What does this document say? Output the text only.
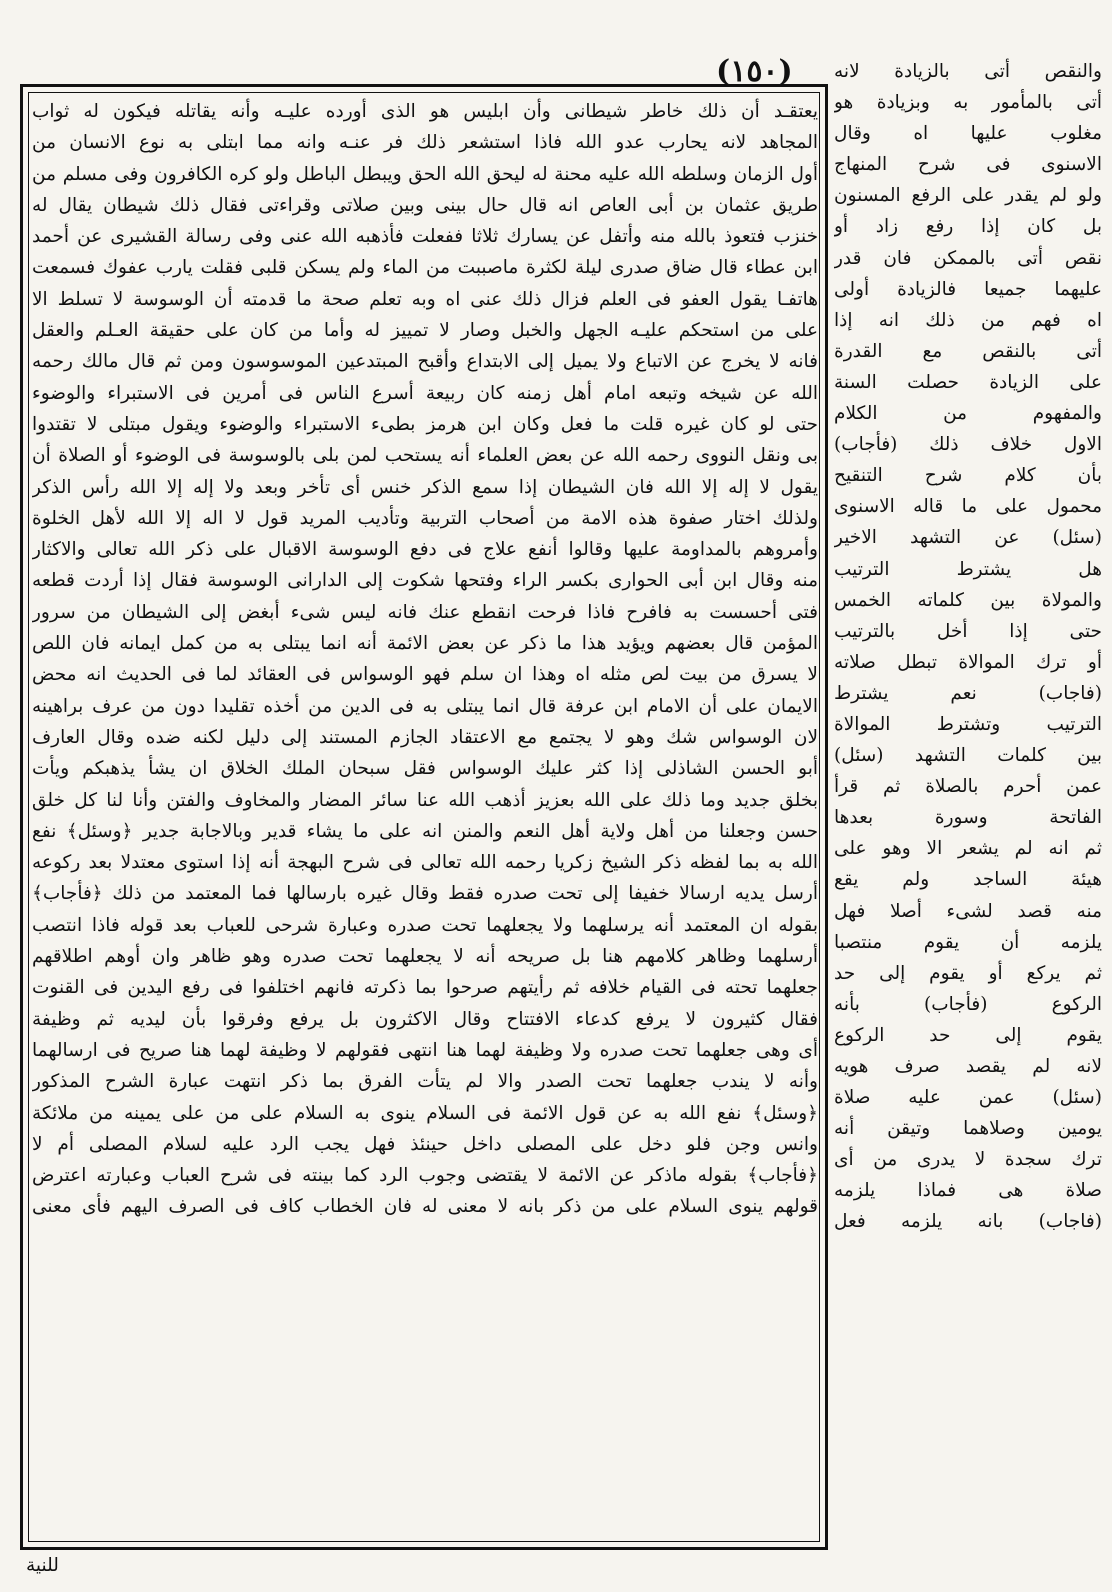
(١٥٠)
يعتقـد أن ذلك خاطر شيطانى وأن ابليس هو الذى أورده عليـه وأنه يقاتله فيكون له ثواب
المجاهد لانه يحارب عدو الله فاذا استشعر ذلك فر عنـه وانه مما ابتلى به نوع الانسان من
أول الزمان وسلطه الله عليه محنة له ليحق الله الحق ويبطل الباطل ولو كره الكافرون وفى مسلم من
طريق عثمان بن أبى العاص انه قال حال بينى وبين صلاتى وقراءتى فقال ذلك شيطان يقال له
خنزب فتعوذ بالله منه وأتفل عن يسارك ثلاثا ففعلت فأذهبه الله عنى وفى رسالة القشيرى عن أحمد
ابن عطاء قال ضاق صدرى ليلة لكثرة ماصببت من الماء ولم يسكن قلبى فقلت يارب عفوك فسمعت
هاتفـا يقول العفو فى العلم فزال ذلك عنى اه وبه تعلم صحة ما قدمته أن الوسوسة لا تسلط الا
على من استحكم عليـه الجهل والخبل وصار لا تمييز له وأما من كان على حقيقة العـلم والعقل
فانه لا يخرج عن الاتباع ولا يميل إلى الابتداع وأقبح المبتدعين الموسوسون ومن ثم قال مالك رحمه
الله عن شيخه وتبعه امام أهل زمنه كان ربيعة أسرع الناس فى أمرين فى الاستبراء والوضوء
حتى لو كان غيره قلت ما فعل وكان ابن هرمز بطىء الاستبراء والوضوء ويقول مبتلى لا تقتدوا
بى ونقل النووى رحمه الله عن بعض العلماء أنه يستحب لمن بلى بالوسوسة فى الوضوء أو الصلاة أن
يقول لا إله إلا الله فان الشيطان إذا سمع الذكر خنس أى تأخر وبعد ولا إله إلا الله رأس الذكر
ولذلك اختار صفوة هذه الامة من أصحاب التربية وتأديب المريد قول لا اله إلا الله لأهل الخلوة
وأمروهم بالمداومة عليها وقالوا أنفع علاج فى دفع الوسوسة الاقبال على ذكر الله تعالى والاكثار
منه وقال ابن أبى الحوارى بكسر الراء وفتحها شكوت إلى الدارانى الوسوسة فقال إذا أردت قطعه
فتى أحسست به فافرح فاذا فرحت انقطع عنك فانه ليس شىء أبغض إلى الشيطان من سرور
المؤمن قال بعضهم ويؤيد هذا ما ذكر عن بعض الائمة أنه انما يبتلى به من كمل ايمانه فان اللص
لا يسرق من بيت لص مثله اه وهذا ان سلم فهو الوسواس فى العقائد لما فى الحديث انه محض
الايمان على أن الامام ابن عرفة قال انما يبتلى به فى الدين من أخذه تقليدا دون من عرف براهينه
لان الوسواس شك وهو لا يجتمع مع الاعتقاد الجازم المستند إلى دليل لكنه ضده وقال العارف
أبو الحسن الشاذلى إذا كثر عليك الوسواس فقل سبحان الملك الخلاق ان يشأ يذهبكم ويأت
بخلق جديد وما ذلك على الله بعزيز أذهب الله عنا سائر المضار والمخاوف والفتن وأنا لنا كل خلق
حسن وجعلنا من أهل ولاية أهل النعم والمنن انه على ما يشاء قدير وبالاجابة جدير ﴿وسئل﴾ نفع
الله به بما لفظه ذكر الشيخ زكريا رحمه الله تعالى فى شرح البهجة أنه إذا استوى معتدلا بعد ركوعه
أرسل يديه ارسالا خفيفا إلى تحت صدره فقط وقال غيره بارسالها فما المعتمد من ذلك ﴿فأجاب﴾
بقوله ان المعتمد أنه يرسلهما ولا يجعلهما تحت صدره وعبارة شرحى للعباب بعد قوله فاذا انتصب
أرسلهما وظاهر كلامهم هنا بل صريحه أنه لا يجعلهما تحت صدره وهو ظاهر وان أوهم اطلاقهم
جعلهما تحته فى القيام خلافه ثم رأيتهم صرحوا بما ذكرته فانهم اختلفوا فى رفع اليدين فى القنوت
فقال كثيرون لا يرفع كدعاء الافتتاح وقال الاكثرون بل يرفع وفرقوا بأن ليديه ثم وظيفة
أى وهى جعلهما تحت صدره ولا وظيفة لهما هنا انتهى فقولهم لا وظيفة لهما هنا صريح فى ارسالهما
وأنه لا يندب جعلهما تحت الصدر والا لم يتأت الفرق بما ذكر انتهت عبارة الشرح المذكور
﴿وسئل﴾ نفع الله به عن قول الائمة فى السلام ينوى به السلام على من على يمينه من ملائكة
وانس وجن فلو دخل على المصلى داخل حينئذ فهل يجب الرد عليه لسلام المصلى أم لا
﴿فأجاب﴾ بقوله ماذكر عن الائمة لا يقتضى وجوب الرد كما بينته فى شرح العباب وعبارته اعترض
قولهم ينوى السلام على من ذكر بانه لا معنى له فان الخطاب كاف فى الصرف اليهم فأى معنى
والنقص أتى بالزيادة لانه
أتى بالمأمور به وبزيادة هو
مغلوب عليها اه وقال
الاسنوى فى شرح المنهاج
ولو لم يقدر على الرفع المسنون
بل كان إذا رفع زاد أو
نقص أتى بالممكن فان قدر
عليهما جميعا فالزيادة أولى
اه فهم من ذلك انه إذا
أتى بالنقص مع القدرة
على الزيادة حصلت السنة
والمفهوم من الكلام
الاول خلاف ذلك (فأجاب)
بأن كلام شرح التنقيح
محمول على ما قاله الاسنوى
(سئل) عن التشهد الاخير
هل يشترط الترتيب
والمولاة بين كلماته الخمس
حتى إذا أخل بالترتيب
أو ترك الموالاة تبطل صلاته
(فاجاب) نعم يشترط
الترتيب وتشترط الموالاة
بين كلمات التشهد (سئل)
عمن أحرم بالصلاة ثم قرأ
الفاتحة وسورة بعدها
ثم انه لم يشعر الا وهو على
هيئة الساجد ولم يقع
منه قصد لشىء أصلا فهل
يلزمه أن يقوم منتصبا
ثم يركع أو يقوم إلى حد
الركوع (فأجاب) بأنه
يقوم إلى حد الركوع
لانه لم يقصد صرف هويه
(سئل) عمن عليه صلاة
يومين وصلاهما وتيقن أنه
ترك سجدة لا يدرى من أى
صلاة هى فماذا يلزمه
(فاجاب) بانه يلزمه فعل
للنية
